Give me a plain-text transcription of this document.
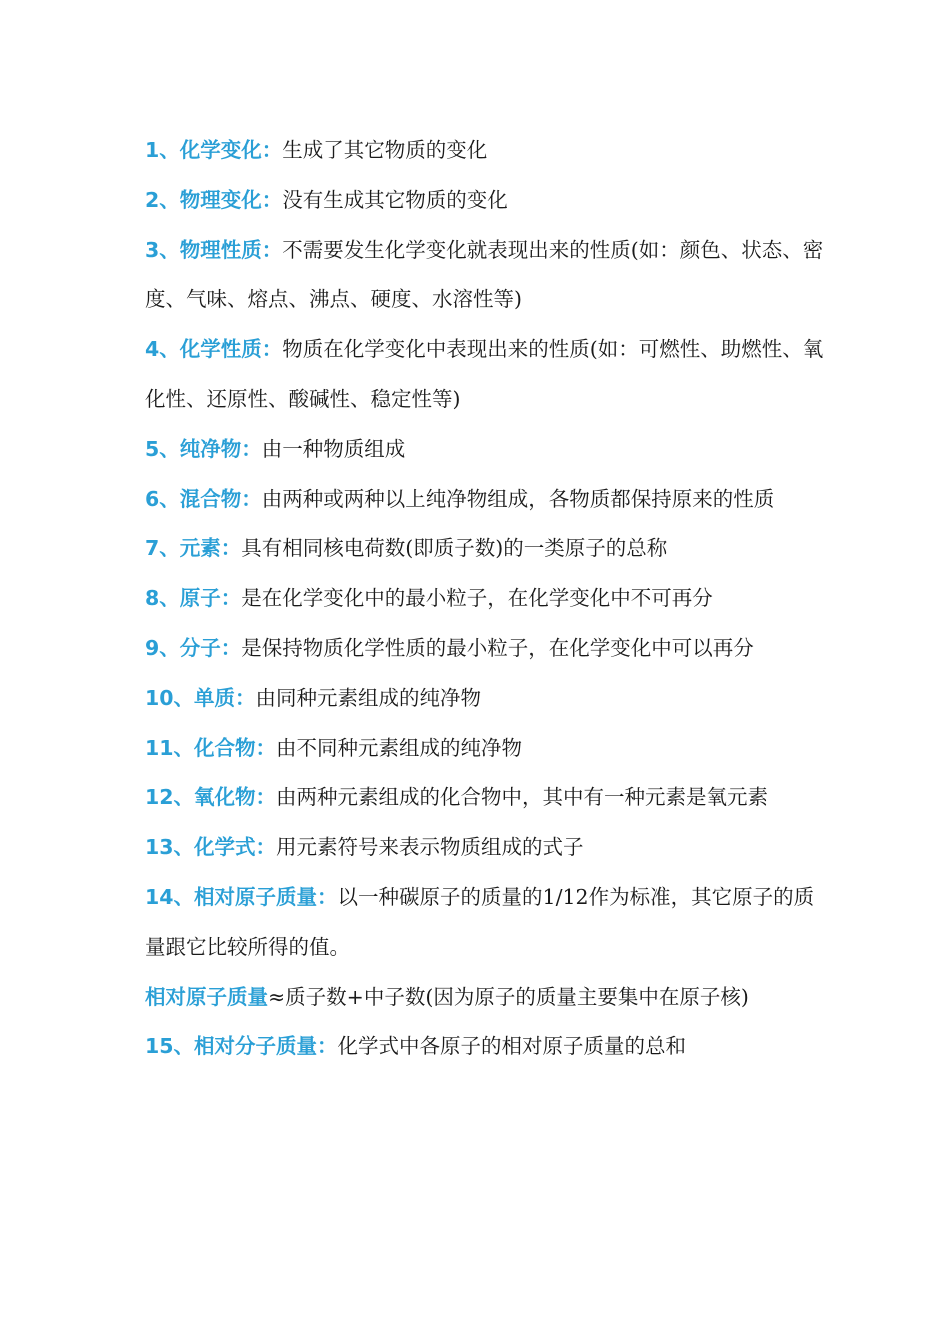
1、化学变化：生成了其它物质的变化

2、物理变化：没有生成其它物质的变化

3、物理性质：不需要发生化学变化就表现出来的性质(如：颜色、状态、密度、气味、熔点、沸点、硬度、水溶性等)

4、化学性质：物质在化学变化中表现出来的性质(如：可燃性、助燃性、氧化性、还原性、酸碱性、稳定性等)

5、纯净物：由一种物质组成

6、混合物：由两种或两种以上纯净物组成，各物质都保持原来的性质

7、元素：具有相同核电荷数(即质子数)的一类原子的总称

8、原子：是在化学变化中的最小粒子，在化学变化中不可再分

9、分子：是保持物质化学性质的最小粒子，在化学变化中可以再分

10、单质：由同种元素组成的纯净物

11、化合物：由不同种元素组成的纯净物

12、氧化物：由两种元素组成的化合物中，其中有一种元素是氧元素

13、化学式：用元素符号来表示物质组成的式子

14、相对原子质量：以一种碳原子的质量的1/12作为标准，其它原子的质量跟它比较所得的值。

相对原子质量≈质子数+中子数(因为原子的质量主要集中在原子核)

15、相对分子质量：化学式中各原子的相对原子质量的总和
